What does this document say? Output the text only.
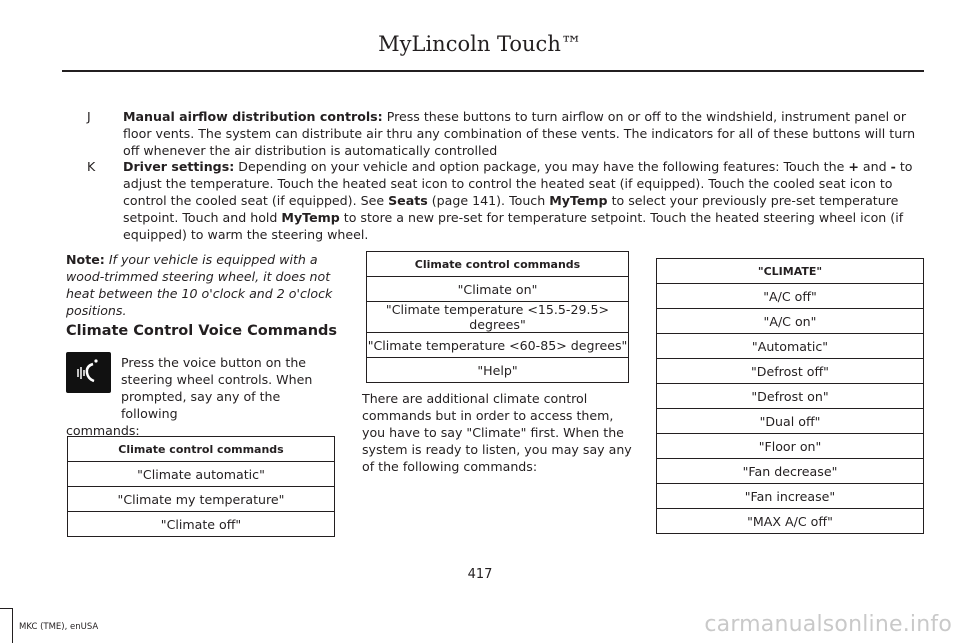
MyLincoln Touch™
J	Manual airflow distribution controls: Press these buttons to turn airflow on or off to the windshield, instrument panel or floor vents. The system can distribute air thru any combination of these vents. The indicators for all of these buttons will turn off whenever the air distribution is automatically controlled
K Driver settings: Depending on your vehicle and option package, you may have the following features: Touch the + and - to adjust the temperature. Touch the heated seat icon to control the heated seat (if equipped). Touch the cooled seat icon to control the cooled seat (if equipped). See Seats (page 141). Touch MyTemp to select your previously pre-set temperature setpoint. Touch and hold MyTemp to store a new pre-set for temperature setpoint. Touch the heated steering wheel icon (if equipped) to warm the steering wheel.
Note: If your vehicle is equipped with a wood-trimmed steering wheel, it does not heat between the 10 o'clock and 2 o'clock positions.
Climate Control Voice Commands
Press the voice button on the
steering wheel controls. When
prompted, say any of the following
commands:
Climate control commands
"Climate automatic"
"Climate my temperature"
"Climate off"
Climate control commands
"Climate on"
"Climate temperature <15.5-29.5> degrees"
"Climate temperature <60-85> degrees"
"Help"
There are additional climate control commands but in order to access them, you have to say "Climate" first. When the system is ready to listen, you may say any of the following commands:
"CLIMATE"
"A/C off"
"A/C on"
"Automatic"
"Defrost off"
"Defrost on"
"Dual off"
"Floor on"
"Fan decrease"
"Fan increase"
"MAX A/C off"
417
MKC (TME), enUSA	carmanualsonline.info
